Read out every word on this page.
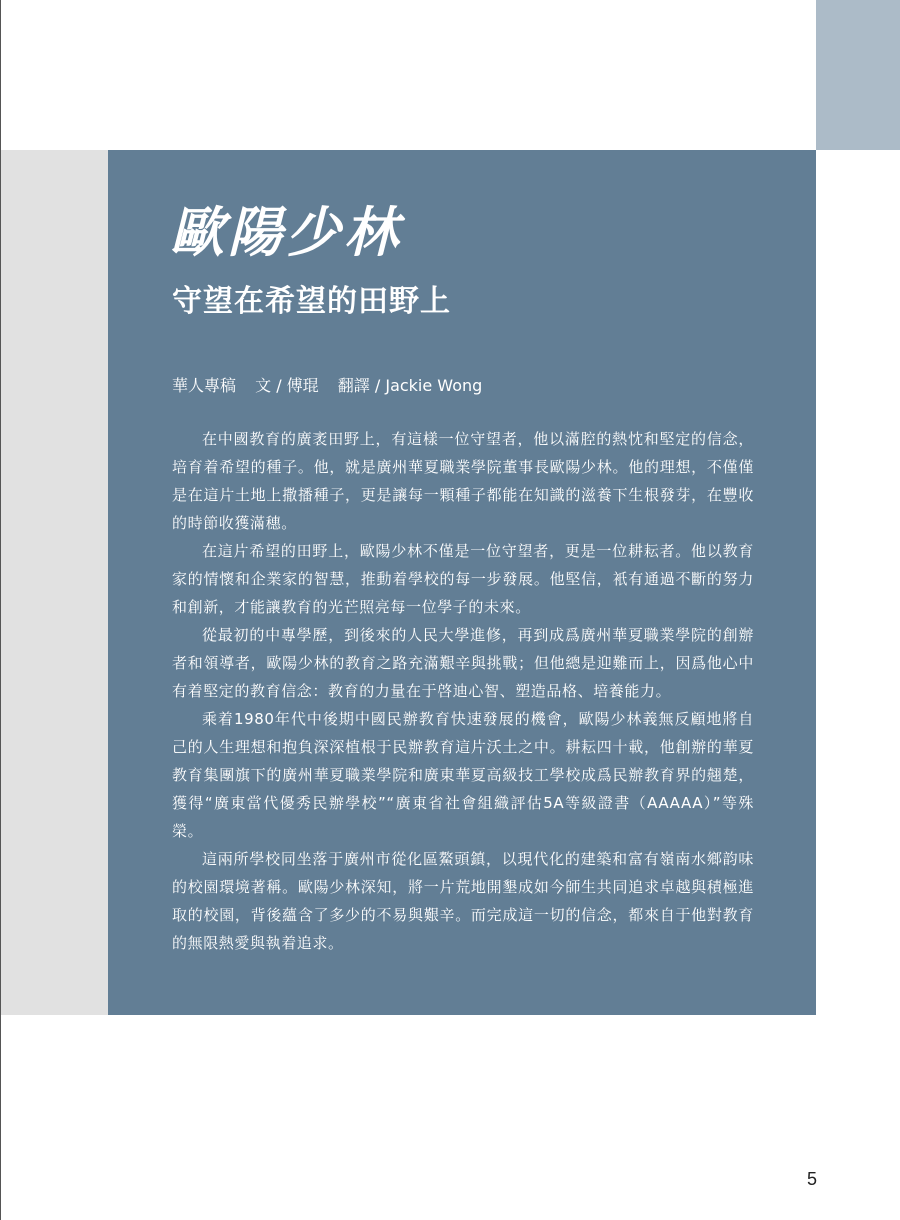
歐陽少林
守望在希望的田野上

華人專稿 文 / 傅琨 翻譯 / Jackie Wong

在中國教育的廣袤田野上，有這樣一位守望者，他以滿腔的熱忱和堅定的信念，培育着希望的種子。他，就是廣州華夏職業學院董事長歐陽少林。他的理想，不僅僅是在這片土地上撒播種子，更是讓每一顆種子都能在知識的滋養下生根發芽，在豐收的時節收獲滿穗。

在這片希望的田野上，歐陽少林不僅是一位守望者，更是一位耕耘者。他以教育家的情懷和企業家的智慧，推動着學校的每一步發展。他堅信，衹有通過不斷的努力和創新，才能讓教育的光芒照亮每一位學子的未來。

從最初的中專學歷，到後來的人民大學進修，再到成爲廣州華夏職業學院的創辦者和領導者，歐陽少林的教育之路充滿艱辛與挑戰；但他總是迎難而上，因爲他心中有着堅定的教育信念：教育的力量在于啓迪心智、塑造品格、培養能力。

乘着1980年代中後期中國民辦教育快速發展的機會，歐陽少林義無反顧地將自己的人生理想和抱負深深植根于民辦教育這片沃土之中。耕耘四十載，他創辦的華夏教育集團旗下的廣州華夏職業學院和廣東華夏高級技工學校成爲民辦教育界的翹楚，獲得“廣東當代優秀民辦學校”“廣東省社會組織評估5A等級證書（AAAAA）”等殊榮。

這兩所學校同坐落于廣州市從化區鰲頭鎮，以現代化的建築和富有嶺南水鄉韵味的校園環境著稱。歐陽少林深知，將一片荒地開墾成如今師生共同追求卓越與積極進取的校園，背後蘊含了多少的不易與艱辛。而完成這一切的信念，都來自于他對教育的無限熱愛與執着追求。

5
